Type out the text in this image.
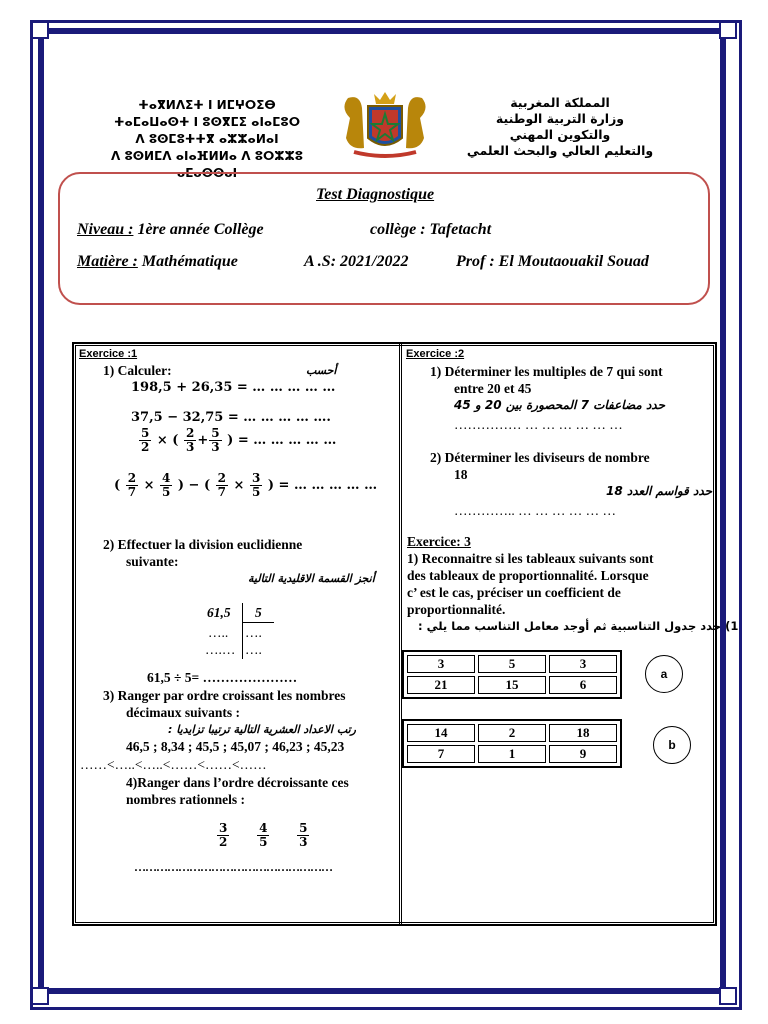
ⵜⴰⴳⵍⴷⵉⵜ ⵏ ⵍⵎⵖⵔⵉⴱ
ⵜⴰⵎⴰⵡⴰⵙⵜ ⵏ ⵓⵙⴳⵎⵉ ⴰⵏⴰⵎⵓⵔ
ⴷ ⵓⵙⵎⵓⵜⵜⴳ ⴰⵣⵣⴰⵍⴰⵏ
ⴷ ⵓⵙⵍⵎⴷ ⴰⵏⴰⴼⵍⵍⴰ ⴷ ⵓⵔⵣⵣⵓ ⴰⵎⴰⵙⵙⴰⵏ
المملكة المغربية
وزارة التربية الوطنية
والتكوين المهني
والتعليم العالي والبحث العلمي
Test Diagnostique
Niveau : 1ère année Collège	collège : Tafetacht
Matière : Mathématique	A .S: 2021/2022	Prof : El Moutaouakil Souad
Exercice :1
1) Calculer:	أحسب
198,5 + 26,35 = … … … … …
37,5 − 32,75 = … … … … ….
$\frac{5}{2}$ × ( $\frac{2}{3} + \frac{5}{3}$ ) = … … … … …
( $\frac{2}{7} \times \frac{4}{5}$ ) − ( $\frac{2}{7} \times \frac{3}{5}$ ) = … … … … …
2) Effectuer la division euclidienne
suivante:
أنجز القسمة الاقليدية التالية
61,5 5
….. ….
….… ….
61,5 ÷ 5= …………………
3) Ranger par ordre croissant les nombres
décimaux suivants :
رتب الاعداد العشرية التالية ترتيبا تزايديا :
46,5 ; 8,34 ; 45,5 ; 45,07 ; 46,23 ; 45,23
……<…..<…..<……<……<……
4)Ranger dans l’ordre décroissante ces
nombres rationnels :
$\frac{3}{2}$
$\frac{4}{5}$
$\frac{5}{3}$
………………………………………………
Exercice :2
1) Déterminer les multiples de 7 qui sont
entre 20 et 45
حدد مضاعفات 7 المحصورة بين 20 و 45
…………… … … … … … …
2) Déterminer les diviseurs de nombre
18
حدد قواسم العدد 18
………….. … … … … … …
Exercice: 3
1) Reconnaitre si les tableaux suivants sont
des tableaux de proportionnalité. Lorsque
c’ est le cas, préciser un coefficient de
proportionnalité.
1) حدد جدول التناسبية ثم أوجد معامل التناسب مما يلي :
3	5	3
21	15	6
a
14	2	18
7	1	9
b
